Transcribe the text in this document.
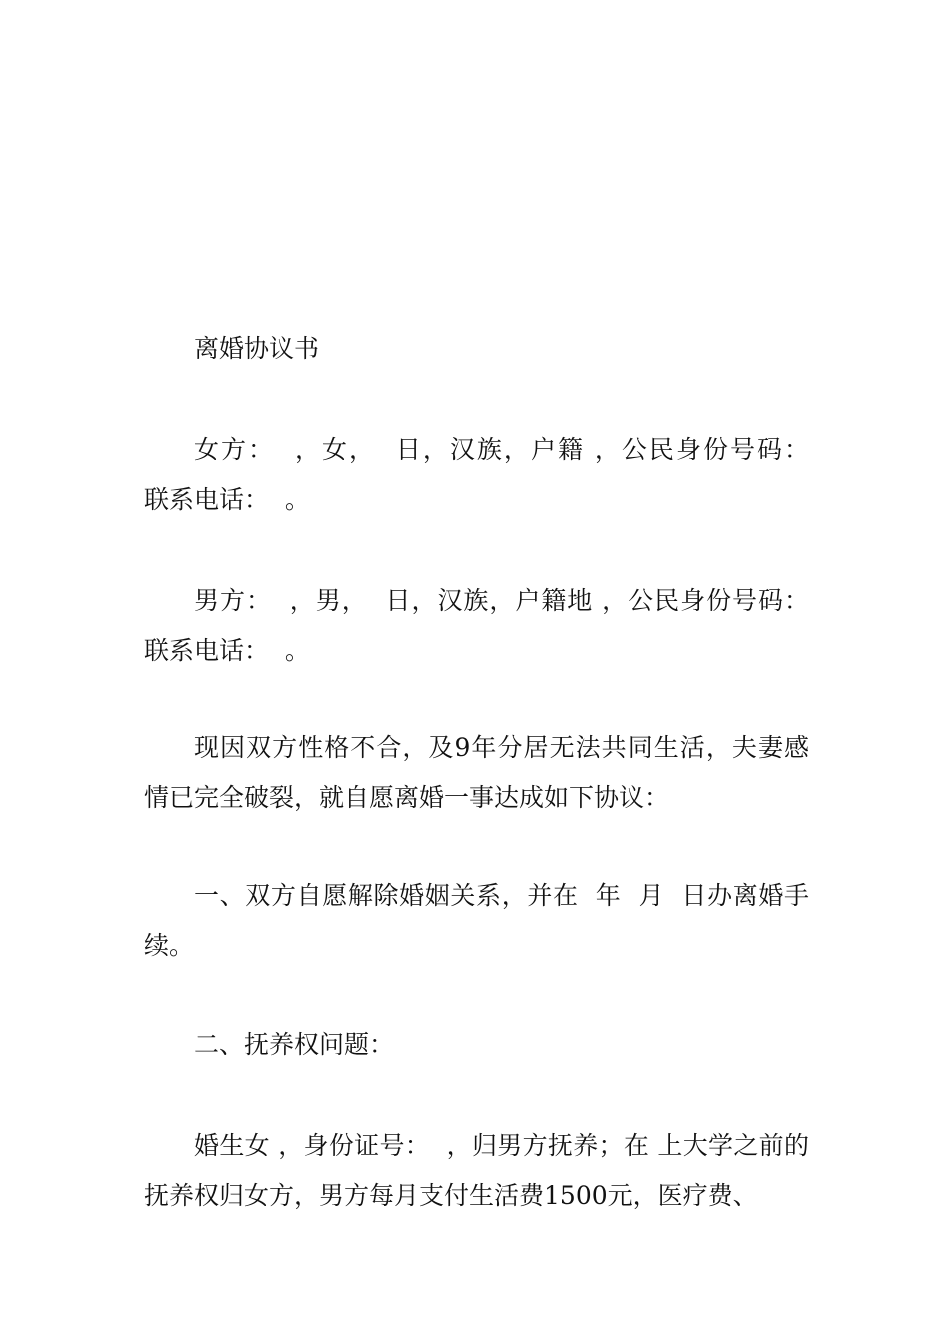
离婚协议书

女方：  ，女，  日，汉族，户籍 ，公民身份号码：    联系电话：  。

男方：  ，男，  日，汉族，户籍地 ，公民身份号码：    联系电话：  。

现因双方性格不合，及9年分居无法共同生活，夫妻感情已完全破裂，就自愿离婚一事达成如下协议：

一、双方自愿解除婚姻关系，并在  年  月  日办离婚手续。

二、抚养权问题：

婚生女 ，身份证号：  ，归男方抚养；在 上大学之前的抚养权归女方，男方每月支付生活费1500元，医疗费、
